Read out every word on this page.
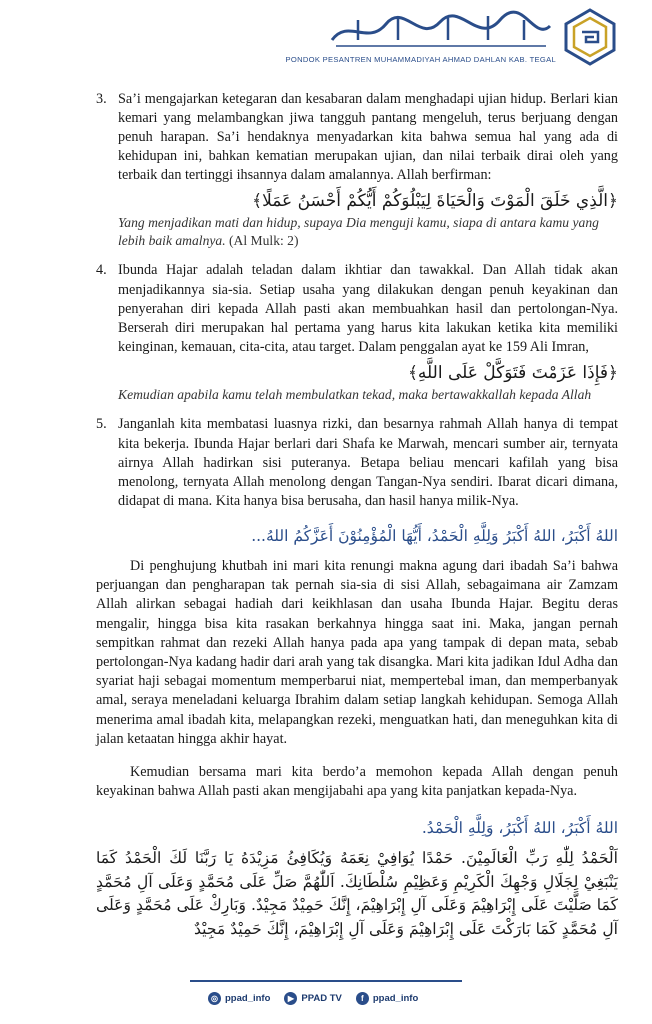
PONDOK PESANTREN MUHAMMADIYAH AHMAD DAHLAN KAB. TEGAL
3. Sa’i mengajarkan ketegaran dan kesabaran dalam menghadapi ujian hidup. Berlari kian kemari yang melambangkan jiwa tangguh pantang mengeluh, terus berjuang dengan penuh harapan. Sa’i hendaknya menyadarkan kita bahwa semua hal yang ada di kehidupan ini, bahkan kematian merupakan ujian, dan nilai terbaik dirai oleh yang terbaik dan tertinggi ihsannya dalam amalannya. Allah berfirman:

﴿الَّذِي خَلَقَ الْمَوْتَ وَالْحَيَاةَ لِيَبْلُوَكُمْ أَيُّكُمْ أَحْسَنُ عَمَلًا﴾

Yang menjadikan mati dan hidup, supaya Dia menguji kamu, siapa di antara kamu yang lebih baik amalnya. (Al Mulk: 2)

4. Ibunda Hajar adalah teladan dalam ikhtiar dan tawakkal. Dan Allah tidak akan menjadikannya sia-sia. Setiap usaha yang dilakukan dengan penuh keyakinan dan penyerahan diri kepada Allah pasti akan membuahkan hasil dan pertolongan-Nya. Berserah diri merupakan hal pertama yang harus kita lakukan ketika kita memiliki keinginan, kemauan, cita-cita, atau target. Dalam penggalan ayat ke 159 Ali Imran,

﴿فَإِذَا عَزَمْتَ فَتَوَكَّلْ عَلَى اللَّهِ﴾

Kemudian apabila kamu telah membulatkan tekad, maka bertawakkallah kepada Allah

5. Janganlah kita membatasi luasnya rizki, dan besarnya rahmah Allah hanya di tempat kita bekerja. Ibunda Hajar berlari dari Shafa ke Marwah, mencari sumber air, ternyata airnya Allah hadirkan sisi puteranya. Betapa beliau mencari kafilah yang bisa menolong, ternyata Allah menolong dengan Tangan-Nya sendiri. Ibarat dicari dimana, didapat di mana. Kita hanya bisa berusaha, dan hasil hanya milik-Nya.

اللهُ أَكْبَرُ، اللهُ أَكْبَرُ وَلِلَّهِ الْحَمْدُ، أَيُّهَا الْمُؤْمِنُوْنَ أَعَزَّكُمُ اللهُ...

Di penghujung khutbah ini mari kita renungi makna agung dari ibadah Sa’i bahwa perjuangan dan pengharapan tak pernah sia-sia di sisi Allah, sebagaimana air Zamzam Allah alirkan sebagai hadiah dari keikhlasan dan usaha Ibunda Hajar. Begitu deras mengalir, hingga bisa kita rasakan berkahnya hingga saat ini. Maka, jangan pernah sempitkan rahmat dan rezeki Allah hanya pada apa yang tampak di depan mata, sebab pertolongan-Nya kadang hadir dari arah yang tak disangka. Mari kita jadikan Idul Adha dan syariat haji sebagai momentum memperbarui niat, mempertebal iman, dan memperbanyak amal, seraya meneladani keluarga Ibrahim dalam setiap langkah kehidupan. Semoga Allah menerima amal ibadah kita, melapangkan rezeki, menguatkan hati, dan meneguhkan kita di jalan ketaatan hingga akhir hayat.

Kemudian bersama mari kita berdo’a memohon kepada Allah dengan penuh keyakinan bahwa Allah pasti akan mengijabahi apa yang kita panjatkan kepada-Nya.

اللهُ أَكْبَرُ، اللهُ أَكْبَرُ، وَلِلَّهِ الْحَمْدُ.

اَلْحَمْدُ لِلّٰهِ رَبِّ الْعَالَمِيْنَ. حَمْدًا يُوَافِيْ نِعَمَهُ وَيُكَافِئُ مَزِيْدَهُ يَا رَبَّنَا لَكَ الْحَمْدُ كَمَا يَنْبَغِيْ لِجَلَالِ وَجْهِكَ الْكَرِيْمِ وَعَظِيْمِ سُلْطَانِكَ. اَللّٰهُمَّ صَلِّ عَلَى مُحَمَّدٍ وَعَلَى آلِ مُحَمَّدٍ كَمَا صَلَّيْتَ عَلَى إِبْرَاهِيْمَ وَعَلَى آلِ إِبْرَاهِيْمَ، إِنَّكَ حَمِيْدٌ مَجِيْدٌ. وَبَارِكْ عَلَى مُحَمَّدٍ وَعَلَى آلِ مُحَمَّدٍ كَمَا بَارَكْتَ عَلَى إِبْرَاهِيْمَ وَعَلَى آلِ إِبْرَاهِيْمَ، إِنَّكَ حَمِيْدٌ مَجِيْدٌ

◎ ppad_info	▶ PPAD TV	f ppad_info
